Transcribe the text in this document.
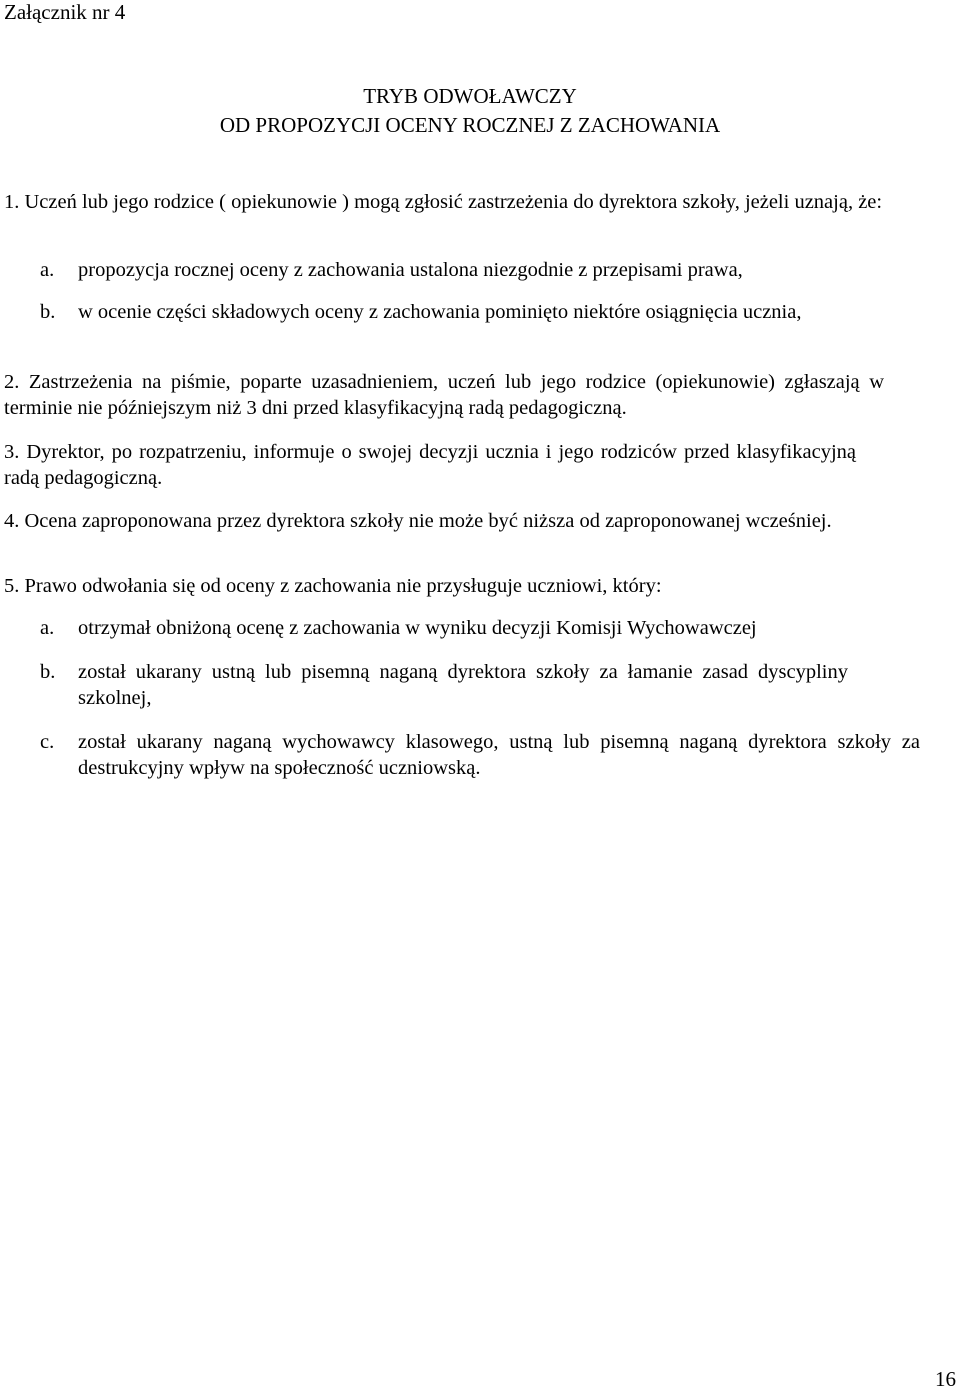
Załącznik nr 4
TRYB ODWOŁAWCZY
OD PROPOZYCJI OCENY ROCZNEJ Z ZACHOWANIA
1. Uczeń lub jego rodzice ( opiekunowie ) mogą zgłosić zastrzeżenia do dyrektora szkoły, jeżeli uznają, że:
a. propozycja rocznej oceny z zachowania ustalona niezgodnie z przepisami prawa,
b. w ocenie części składowych oceny z zachowania pominięto niektóre osiągnięcia ucznia,
2. Zastrzeżenia na piśmie, poparte uzasadnieniem, uczeń lub jego rodzice (opiekunowie) zgłaszają w terminie nie późniejszym niż 3 dni przed klasyfikacyjną radą pedagogiczną.
3. Dyrektor, po rozpatrzeniu, informuje o swojej decyzji ucznia i jego rodziców przed klasyfikacyjną radą pedagogiczną.
4. Ocena zaproponowana przez dyrektora szkoły nie może być niższa od zaproponowanej wcześniej.
5. Prawo odwołania się od oceny z zachowania nie przysługuje uczniowi, który:
a. otrzymał obniżoną ocenę z zachowania w wyniku decyzji Komisji Wychowawczej
b. został ukarany ustną lub pisemną naganą dyrektora szkoły za łamanie zasad dyscypliny szkolnej,
c. został ukarany naganą wychowawcy klasowego, ustną lub pisemną naganą dyrektora szkoły za destrukcyjny wpływ na społeczność uczniowską.
16
